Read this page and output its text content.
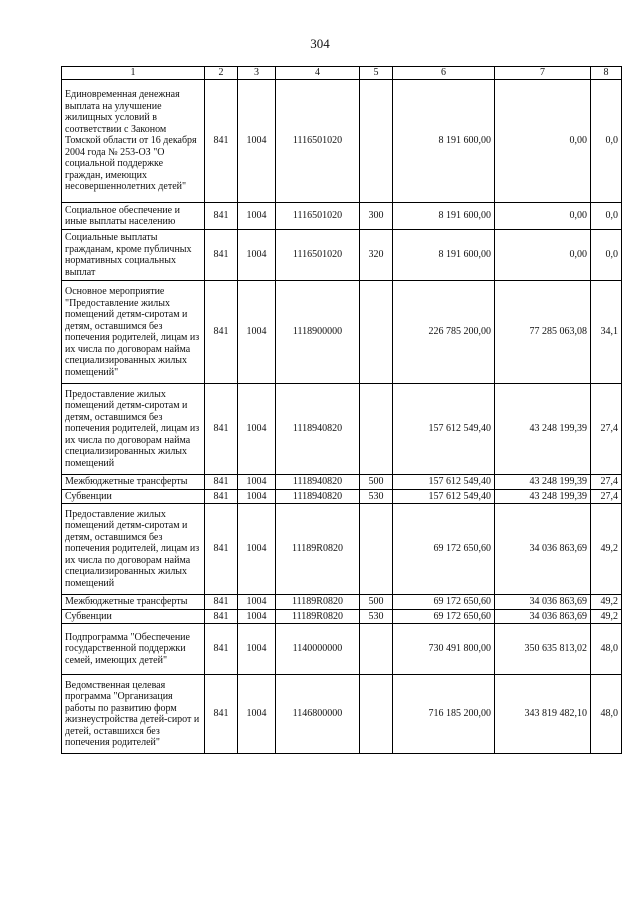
304
1	2	3	4	5	6	7	8
Единовременная денежная выплата на улучшение жилищных условий в соответствии с Законом Томской области от 16 декабря 2004 года № 253-ОЗ "О социальной поддержке граждан, имеющих несовершеннолетних детей"	841	1004	1116501020		8 191 600,00	0,00	0,0
Социальное обеспечение и иные выплаты населению	841	1004	1116501020	300	8 191 600,00	0,00	0,0
Социальные выплаты гражданам, кроме публичных нормативных социальных выплат	841	1004	1116501020	320	8 191 600,00	0,00	0,0
Основное мероприятие "Предоставление жилых помещений детям-сиротам и детям, оставшимся без попечения родителей, лицам из их числа по договорам найма специализированных жилых помещений"	841	1004	1118900000		226 785 200,00	77 285 063,08	34,1
Предоставление жилых помещений детям-сиротам и детям, оставшимся без попечения родителей, лицам из их числа по договорам найма специализированных жилых помещений	841	1004	1118940820		157 612 549,40	43 248 199,39	27,4
Межбюджетные трансферты	841	1004	1118940820	500	157 612 549,40	43 248 199,39	27,4
Субвенции	841	1004	1118940820	530	157 612 549,40	43 248 199,39	27,4
Предоставление жилых помещений детям-сиротам и детям, оставшимся без попечения родителей, лицам из их числа по договорам найма специализированных жилых помещений	841	1004	11189R0820		69 172 650,60	34 036 863,69	49,2
Межбюджетные трансферты	841	1004	11189R0820	500	69 172 650,60	34 036 863,69	49,2
Субвенции	841	1004	11189R0820	530	69 172 650,60	34 036 863,69	49,2
Подпрограмма "Обеспечение государственной поддержки семей, имеющих детей"	841	1004	1140000000		730 491 800,00	350 635 813,02	48,0
Ведомственная целевая программа "Организация работы по развитию форм жизнеустройства детей-сирот и детей, оставшихся без попечения родителей"	841	1004	1146800000		716 185 200,00	343 819 482,10	48,0
